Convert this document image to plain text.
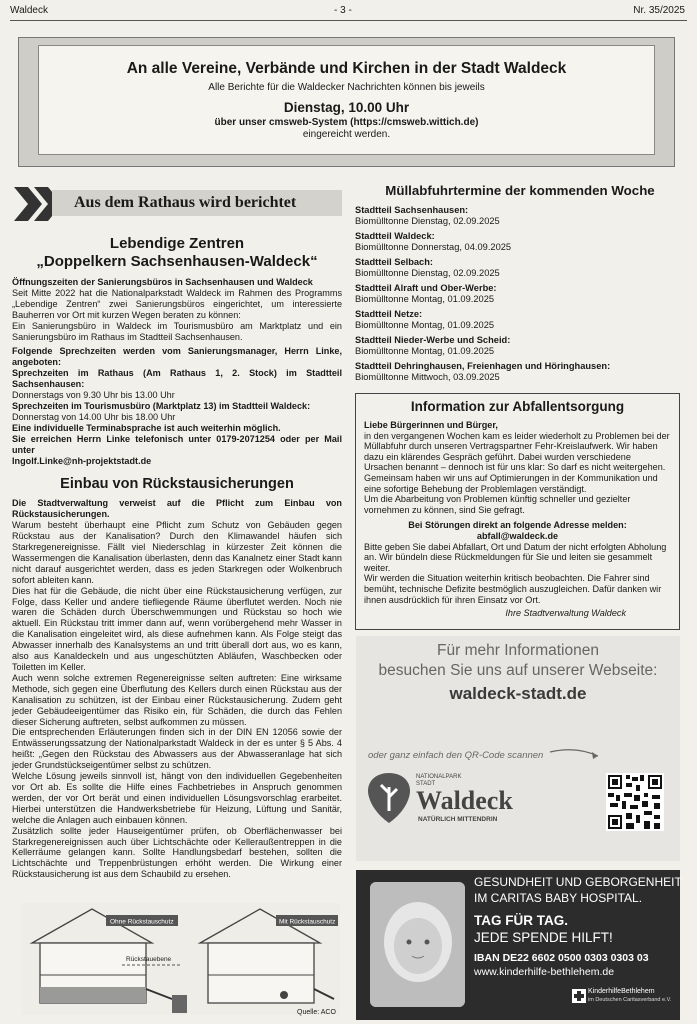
Waldeck	- 3 -	Nr. 35/2025
An alle Vereine, Verbände und Kirchen in der Stadt Waldeck
Alle Berichte für die Waldecker Nachrichten können bis jeweils
Dienstag, 10.00 Uhr
über unser cmsweb-System (https://cmsweb.wittich.de)
eingereicht werden.
Aus dem Rathaus wird berichtet
Lebendige Zentren
„Doppelkern Sachsenhausen-Waldeck“
Öffnungszeiten der Sanierungsbüros in Sachsenhausen und Waldeck
Seit Mitte 2022 hat die Nationalparkstadt Waldeck im Rahmen des Programms „Lebendige Zentren“ zwei Sanierungsbüros eingerichtet, um interessierte Bauherren vor Ort mit kurzen Wegen beraten zu können:
Ein Sanierungsbüro in Waldeck im Tourismusbüro am Marktplatz und ein Sanierungsbüro im Rathaus im Stadtteil Sachsenhausen.
Folgende Sprechzeiten werden vom Sanierungsmanager, Herrn Linke, angeboten:
Sprechzeiten im Rathaus (Am Rathaus 1, 2. Stock) im Stadtteil Sachsenhausen:
Donnerstags von 9.30 Uhr bis 13.00 Uhr
Sprechzeiten im Tourismusbüro (Marktplatz 13) im Stadtteil Waldeck:
Donnerstag von 14.00 Uhr bis 18.00 Uhr
Eine individuelle Terminabsprache ist auch weiterhin möglich.
Sie erreichen Herrn Linke telefonisch unter 0179-2071254 oder per Mail unter
Ingolf.Linke@nh-projektstadt.de
Einbau von Rückstausicherungen
Die Stadtverwaltung verweist auf die Pflicht zum Einbau von Rückstausicherungen.
Warum besteht überhaupt eine Pflicht zum Schutz von Gebäuden gegen Rückstau aus der Kanalisation? Durch den Klimawandel häufen sich Starkregenereignisse. Fällt viel Niederschlag in kürzester Zeit können die Wassermengen die Kanalisation überlasten, denn das Kanalnetz einer Stadt kann nicht darauf ausgerichtet werden, dass es jeden Starkregen oder Wolkenbruch sofort ableiten kann.
Dies hat für die Gebäude, die nicht über eine Rückstausicherung verfügen, zur Folge, dass Keller und andere tiefliegende Räume überflutet werden. Noch nie waren die Schäden durch Überschwemmungen und Rückstau so hoch wie aktuell. Ein Rückstau tritt immer dann auf, wenn vorübergehend mehr Wasser in die Kanalisation eingeleitet wird, als diese aufnehmen kann. Als Folge steigt das Abwasser innerhalb des Kanalsystems an und tritt überall dort aus, wo es kann, also aus Kanaldeckeln und aus ungeschützten Abläufen, Waschbecken oder Toiletten im Keller.
Auch wenn solche extremen Regenereignisse selten auftreten: Eine wirksame Methode, sich gegen eine Überflutung des Kellers durch einen Rückstau aus der Kanalisation zu schützen, ist der Einbau einer Rückstausicherung. Zudem geht jeder Gebäudeeigentümer das Risiko ein, für Schäden, die durch das Fehlen dieser Sicherung auftreten, selbst aufkommen zu müssen.
Die entsprechenden Erläuterungen finden sich in der DIN EN 12056 sowie der Entwässerungssatzung der Nationalparkstadt Waldeck in der es unter § 5 Abs. 4 heißt: „Gegen den Rückstau des Abwassers aus der Abwasseranlage hat sich jeder Grundstückseigentümer selbst zu schützen.
Welche Lösung jeweils sinnvoll ist, hängt von den individuellen Gegebenheiten vor Ort ab. Es sollte die Hilfe eines Fachbetriebes in Anspruch genommen werden, der vor Ort berät und einen individuellen Lösungsvorschlag erarbeitet. Hierbei unterstützen die Handwerksbetriebe für Heizung, Lüftung und Sanitär, welche die Anlagen auch einbauen können.
Zusätzlich sollte jeder Hauseigentümer prüfen, ob Oberflächenwasser bei Starkregenereignissen auch über Lichtschächte oder Kelleraußentreppen in die Kellerräume gelangen kann. Sollte Handlungsbedarf bestehen, sollten die Lichtschächte und Treppenbrüstungen erhöht werden. Die Wirkung einer Rückstausicherung ist aus dem Schaubild zu ersehen.
Ohne Rückstauschutz	Mit Rückstauschutz
Rückstauebene
Quelle: ACO
Müllabfuhrtermine der kommenden Woche
Stadtteil Sachsenhausen:
Biomülltonne Dienstag, 02.09.2025
Stadtteil Waldeck:
Biomülltonne Donnerstag, 04.09.2025
Stadtteil Selbach:
Biomülltonne Dienstag, 02.09.2025
Stadtteil Alraft und Ober-Werbe:
Biomülltonne Montag, 01.09.2025
Stadtteil Netze:
Biomülltonne Montag, 01.09.2025
Stadtteil Nieder-Werbe und Scheid:
Biomülltonne Montag, 01.09.2025
Stadtteil Dehringhausen, Freienhagen und Höringhausen:
Biomülltonne Mittwoch, 03.09.2025
Information zur Abfallentsorgung
Liebe Bürgerinnen und Bürger,
in den vergangenen Wochen kam es leider wiederholt zu Problemen bei der Müllabfuhr durch unseren Vertragspartner Fehr-Kreislaufwerk. Wir haben dazu ein klärendes Gespräch geführt. Dabei wurden verschiedene Ursachen benannt – dennoch ist für uns klar: So darf es nicht weitergehen.
Gemeinsam haben wir uns auf Optimierungen in der Kommunikation und eine sofortige Behebung der Problemlagen verständigt.
Um die Abarbeitung von Problemen künftig schneller und gezielter vornehmen zu können, sind Sie gefragt.
Bei Störungen direkt an folgende Adresse melden:
abfall@waldeck.de
Bitte geben Sie dabei Abfallart, Ort und Datum der nicht erfolgten Abholung an. Wir bündeln diese Rückmeldungen für Sie und leiten sie gesammelt weiter.
Wir werden die Situation weiterhin kritisch beobachten. Die Fahrer sind bemüht, technische Defizite bestmöglich auszugleichen. Dafür danken wir ihnen ausdrücklich für ihren Einsatz vor Ort.
Ihre Stadtverwaltung Waldeck
Für mehr Informationen
besuchen Sie uns auf unserer Webseite:
waldeck-stadt.de
oder ganz einfach den QR-Code scannen
NATIONALPARK STADT
Waldeck
NATÜRLICH MITTENDRIN
GESUNDHEIT UND GEBORGENHEIT
IM CARITAS BABY HOSPITAL.
TAG FÜR TAG.
JEDE SPENDE HILFT!
IBAN DE22 6602 0500 0303 0303 03
www.kinderhilfe-bethlehem.de
KinderhilfeBethlehem
im Deutschen Caritasverband e.V.
